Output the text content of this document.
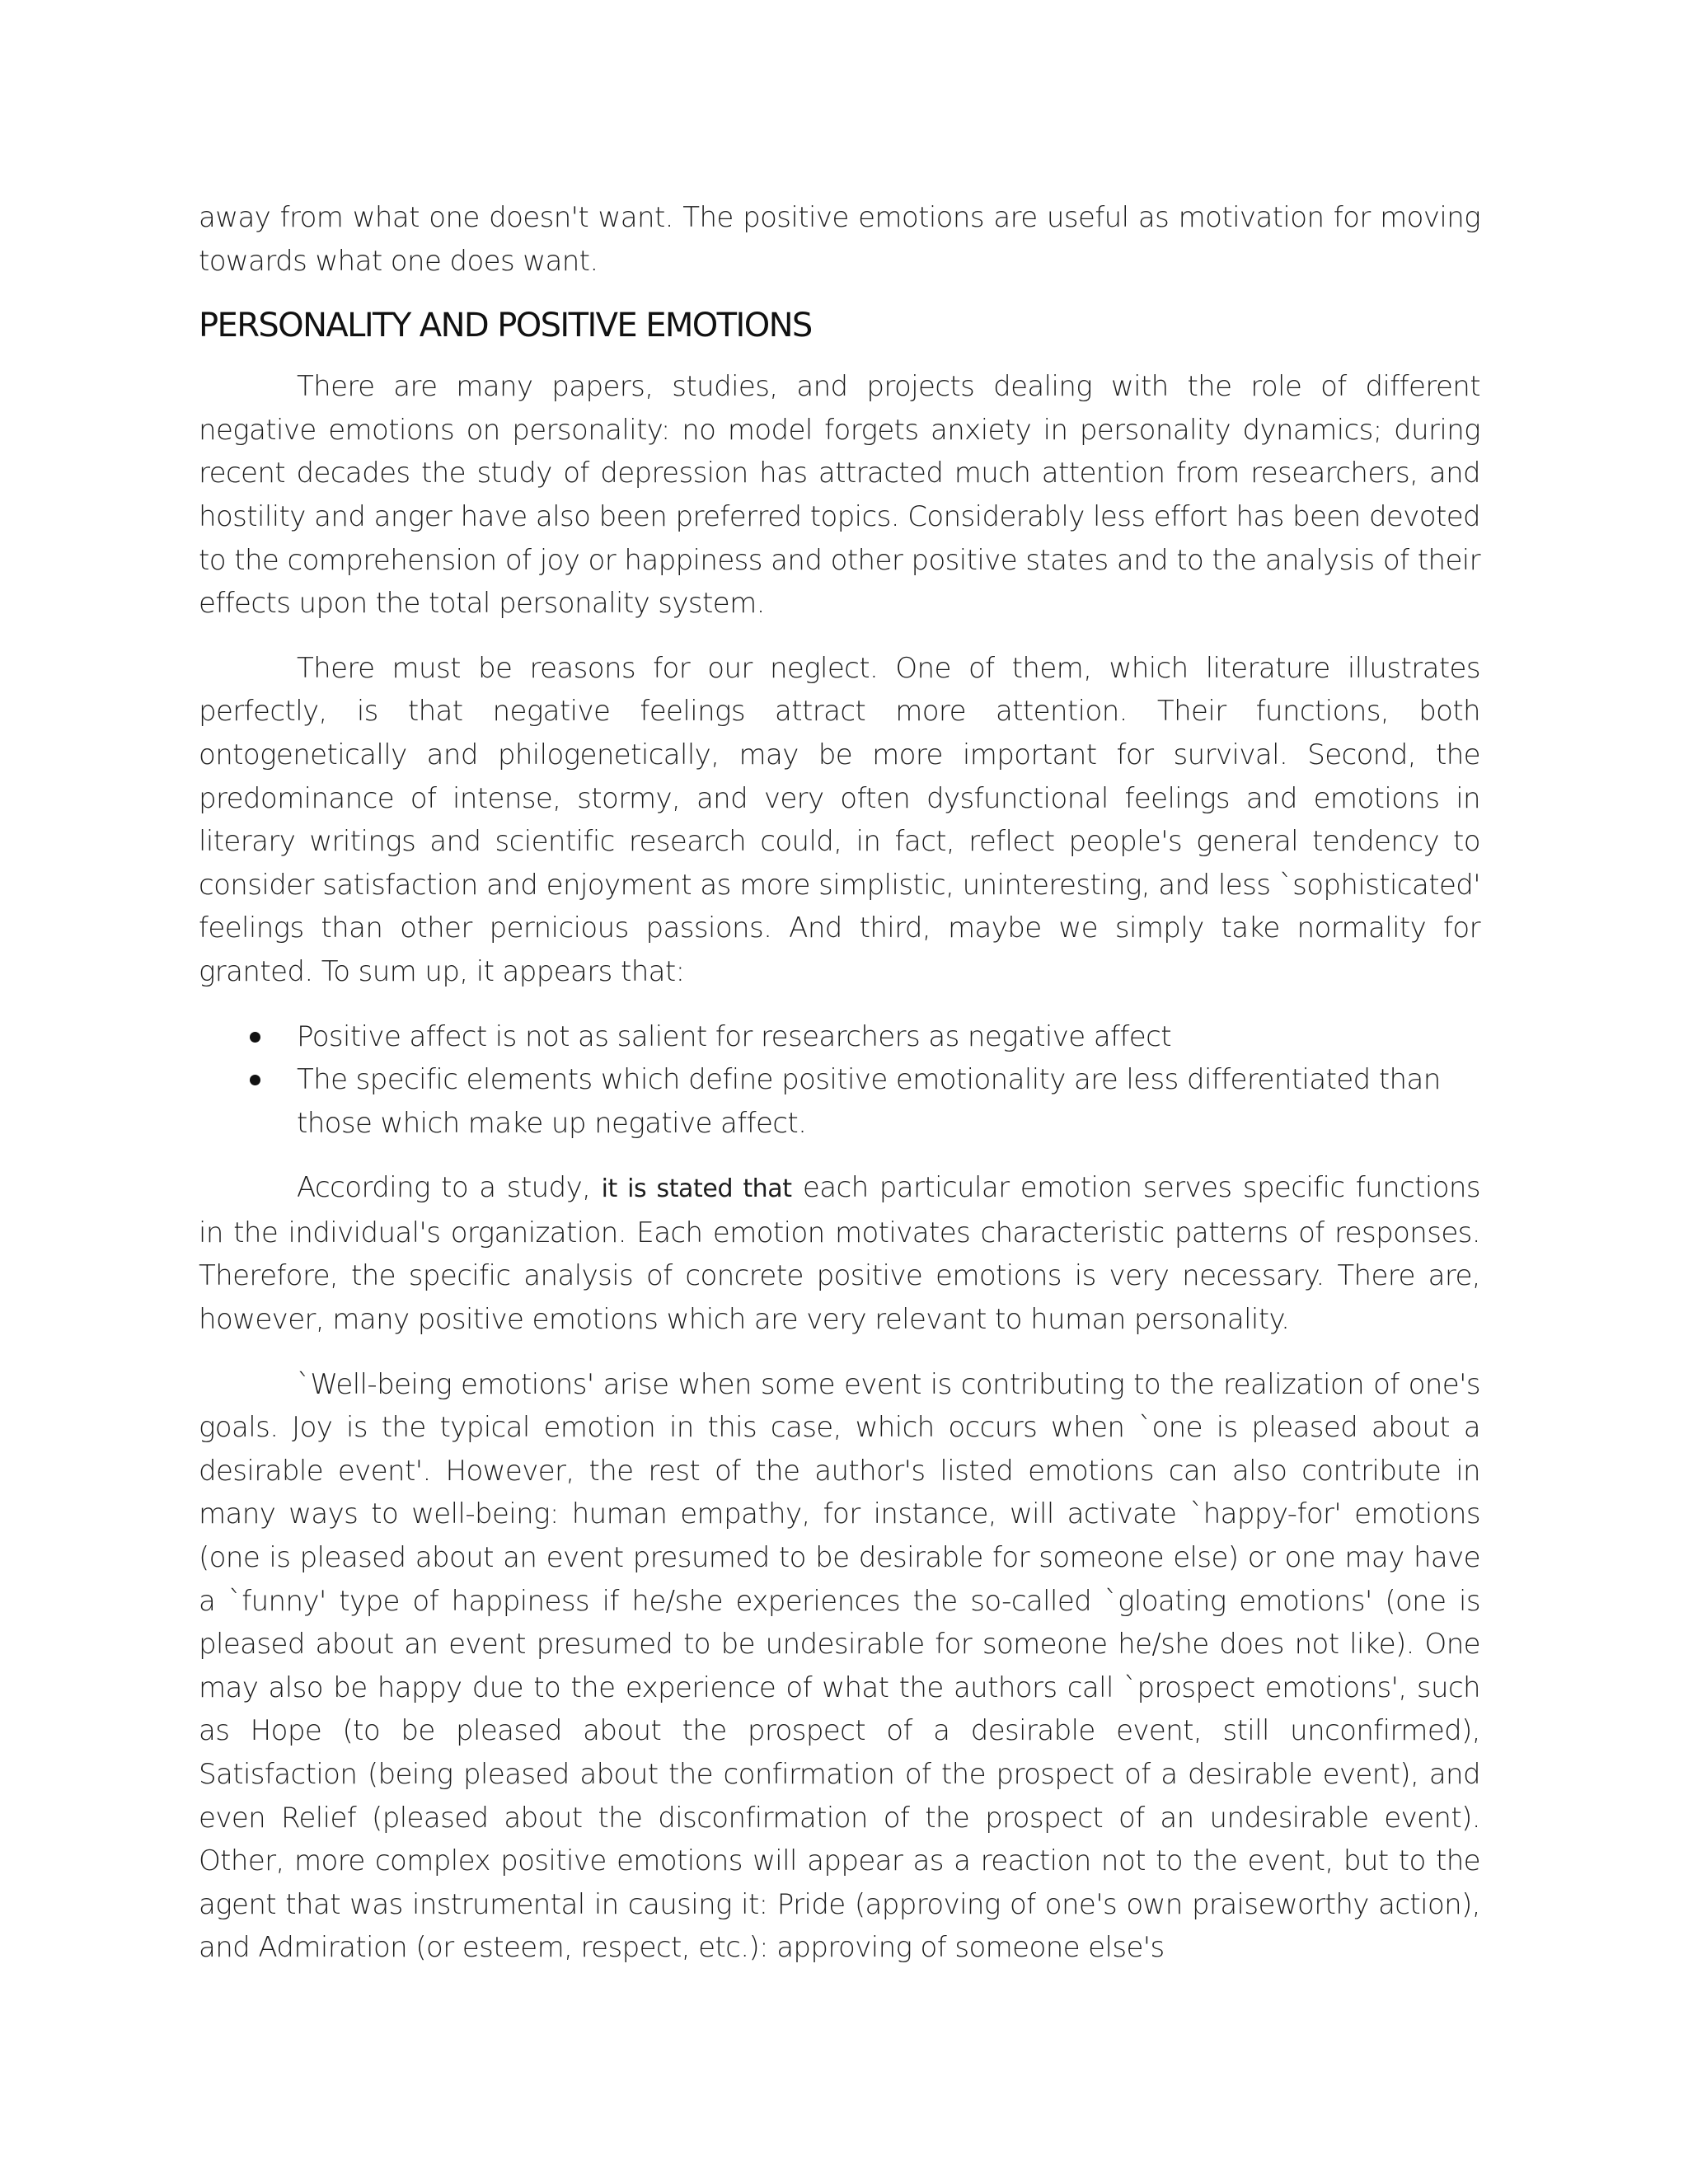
away from what one doesn't want. The positive emotions are useful as motivation for moving towards what one does want.

PERSONALITY AND POSITIVE EMOTIONS

There are many papers, studies, and projects dealing with the role of different negative emotions on personality: no model forgets anxiety in personality dynamics; during recent decades the study of depression has attracted much attention from researchers, and hostility and anger have also been preferred topics. Considerably less effort has been devoted to the comprehension of joy or happiness and other positive states and to the analysis of their effects upon the total personality system.

There must be reasons for our neglect. One of them, which literature illustrates perfectly, is that negative feelings attract more attention. Their functions, both ontogenetically and philogenetically, may be more important for survival. Second, the predominance of intense, stormy, and very often dysfunctional feelings and emotions in literary writings and scientific research could, in fact, reflect people's general tendency to consider satisfaction and enjoyment as more simplistic, uninteresting, and less `sophisticated' feelings than other pernicious passions. And third, maybe we simply take normality for granted. To sum up, it appears that:

Positive affect is not as salient for researchers as negative affect
The specific elements which define positive emotionality are less differentiated than those which make up negative affect.

According to a study, it is stated that each particular emotion serves specific functions in the individual's organization. Each emotion motivates characteristic patterns of responses. Therefore, the specific analysis of concrete positive emotions is very necessary. There are, however, many positive emotions which are very relevant to human personality.

`Well-being emotions' arise when some event is contributing to the realization of one's goals. Joy is the typical emotion in this case, which occurs when `one is pleased about a desirable event'. However, the rest of the author's listed emotions can also contribute in many ways to well-being: human empathy, for instance, will activate `happy-for' emotions (one is pleased about an event presumed to be desirable for someone else) or one may have a `funny' type of happiness if he/she experiences the so-called `gloating emotions' (one is pleased about an event presumed to be undesirable for someone he/she does not like). One may also be happy due to the experience of what the authors call `prospect emotions', such as Hope (to be pleased about the prospect of a desirable event, still unconfirmed), Satisfaction (being pleased about the confirmation of the prospect of a desirable event), and even Relief (pleased about the disconfirmation of the prospect of an undesirable event). Other, more complex positive emotions will appear as a reaction not to the event, but to the agent that was instrumental in causing it: Pride (approving of one's own praiseworthy action), and Admiration (or esteem, respect, etc.): approving of someone else's
